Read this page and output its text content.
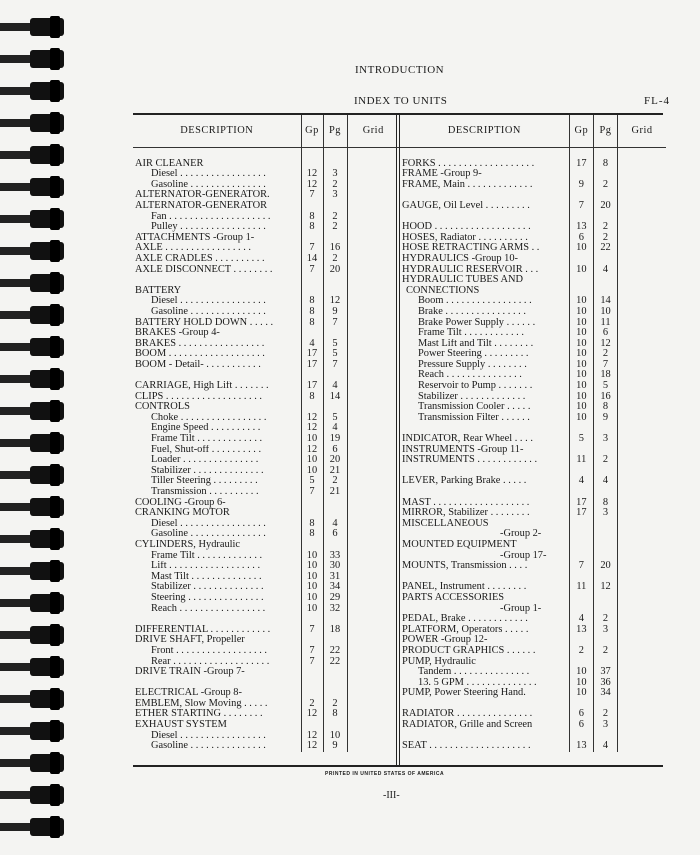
INTRODUCTION
INDEX TO UNITS	FL-4
DESCRIPTION	Gp	Pg	Grid

AIR CLEANER			
Diesel . . . . . . . . . . . . . . . . .	12	3	
Gasoline . . . . . . . . . . . . . . .	12	2	
ALTERNATOR-GENERATOR.	7	3	
ALTERNATOR-GENERATOR			
Fan . . . . . . . . . . . . . . . . . . . .	8	2	
Pulley . . . . . . . . . . . . . . . . .	8	2	
ATTACHMENTS -Group 1-			
AXLE . . . . . . . . . . . . . . . . .	7	16	
AXLE CRADLES . . . . . . . . . .	14	2	
AXLE DISCONNECT . . . . . . . .	7	20	

BATTERY			
Diesel . . . . . . . . . . . . . . . . .	8	12	
Gasoline . . . . . . . . . . . . . . .	8	9	
BATTERY HOLD DOWN . . . . .	8	7	
BRAKES -Group 4-			
BRAKES . . . . . . . . . . . . . . . . .	4	5	
BOOM . . . . . . . . . . . . . . . . . . .	17	5	
BOOM - Detail- . . . . . . . . . . .	17	7	

CARRIAGE, High Lift . . . . . . .	17	4	
CLIPS . . . . . . . . . . . . . . . . . . .	8	14	
CONTROLS			
Choke . . . . . . . . . . . . . . . . .	12	5	
Engine Speed . . . . . . . . . .	12	4	
Frame Tilt . . . . . . . . . . . . .	10	19	
Fuel, Shut-off . . . . . . . . . .	12	6	
Loader . . . . . . . . . . . . . . .	10	20	
Stabilizer . . . . . . . . . . . . . .	10	21	
Tiller Steering . . . . . . . . .	5	2	
Transmission . . . . . . . . . .	7	21	
COOLING -Group 6-			
CRANKING MOTOR			
Diesel . . . . . . . . . . . . . . . . .	8	4	
Gasoline . . . . . . . . . . . . . . .	8	6	
CYLINDERS, Hydraulic			
Frame Tilt . . . . . . . . . . . . .	10	33	
Lift . . . . . . . . . . . . . . . . . .	10	30	
Mast Tilt . . . . . . . . . . . . . .	10	31	
Stabilizer . . . . . . . . . . . . . .	10	34	
Steering . . . . . . . . . . . . . . .	10	29	
Reach . . . . . . . . . . . . . . . . .	10	32	

DIFFERENTIAL . . . . . . . . . . . .	7	18	
DRIVE SHAFT, Propeller			
Front . . . . . . . . . . . . . . . . . .	7	22	
Rear . . . . . . . . . . . . . . . . . . .	7	22	
DRIVE TRAIN -Group 7-			

ELECTRICAL -Group 8-			
EMBLEM, Slow Moving . . . . .	2	2	
ETHER STARTING . . . . . . . .	12	8	
EXHAUST SYSTEM			
Diesel . . . . . . . . . . . . . . . . .	12	10	
Gasoline . . . . . . . . . . . . . . .	12	9	
DESCRIPTION	Gp	Pg	Grid

FORKS . . . . . . . . . . . . . . . . . . .	17	8	
FRAME -Group 9-			
FRAME, Main . . . . . . . . . . . . .	9	2	

GAUGE, Oil Level . . . . . . . . .	7	20	

HOOD . . . . . . . . . . . . . . . . . . .	13	2	
HOSES, Radiator . . . . . . . . . .	6	2	
HOSE RETRACTING ARMS . .	10	22	
HYDRAULICS -Group 10-			
HYDRAULIC RESERVOIR . . .	10	4	
HYDRAULIC TUBES AND			
CONNECTIONS			
Boom . . . . . . . . . . . . . . . . .	10	14	
Brake . . . . . . . . . . . . . . . .	10	10	
Brake Power Supply . . . . . .	10	11	
Frame Tilt . . . . . . . . . . . .	10	6	
Mast Lift and Tilt . . . . . . . .	10	12	
Power Steering . . . . . . . . .	10	2	
Pressure Supply . . . . . . . .	10	7	
Reach . . . . . . . . . . . . . . .	10	18	
Reservoir to Pump . . . . . . .	10	5	
Stabilizer . . . . . . . . . . . . .	10	16	
Transmission Cooler . . . . .	10	8	
Transmission Filter . . . . . .	10	9	

INDICATOR, Rear Wheel . . . .	5	3	
INSTRUMENTS -Group 11-			
INSTRUMENTS . . . . . . . . . . . .	11	2	

LEVER, Parking Brake . . . . .	4	4	

MAST . . . . . . . . . . . . . . . . . . .	17	8	
MIRROR, Stabilizer . . . . . . . .	17	3	
MISCELLANEOUS			
-Group 2-			
MOUNTED EQUIPMENT			
-Group 17-			
MOUNTS, Transmission . . . .	7	20	

PANEL, Instrument . . . . . . . .	11	12	
PARTS ACCESSORIES			
-Group 1-			
PEDAL, Brake . . . . . . . . . . . .	4	2	
PLATFORM, Operators . . . . .	13	3	
POWER -Group 12-			
PRODUCT GRAPHICS . . . . . .	2	2	
PUMP, Hydraulic			
Tandem . . . . . . . . . . . . . . .	10	37	
13. 5 GPM . . . . . . . . . . . . . .	10	36	
PUMP, Power Steering Hand.	10	34	

RADIATOR . . . . . . . . . . . . . . .	6	2	
RADIATOR, Grille and Screen	6	3	

SEAT . . . . . . . . . . . . . . . . . . . .	13	4	
PRINTED IN UNITED STATES OF AMERICA
-III-
